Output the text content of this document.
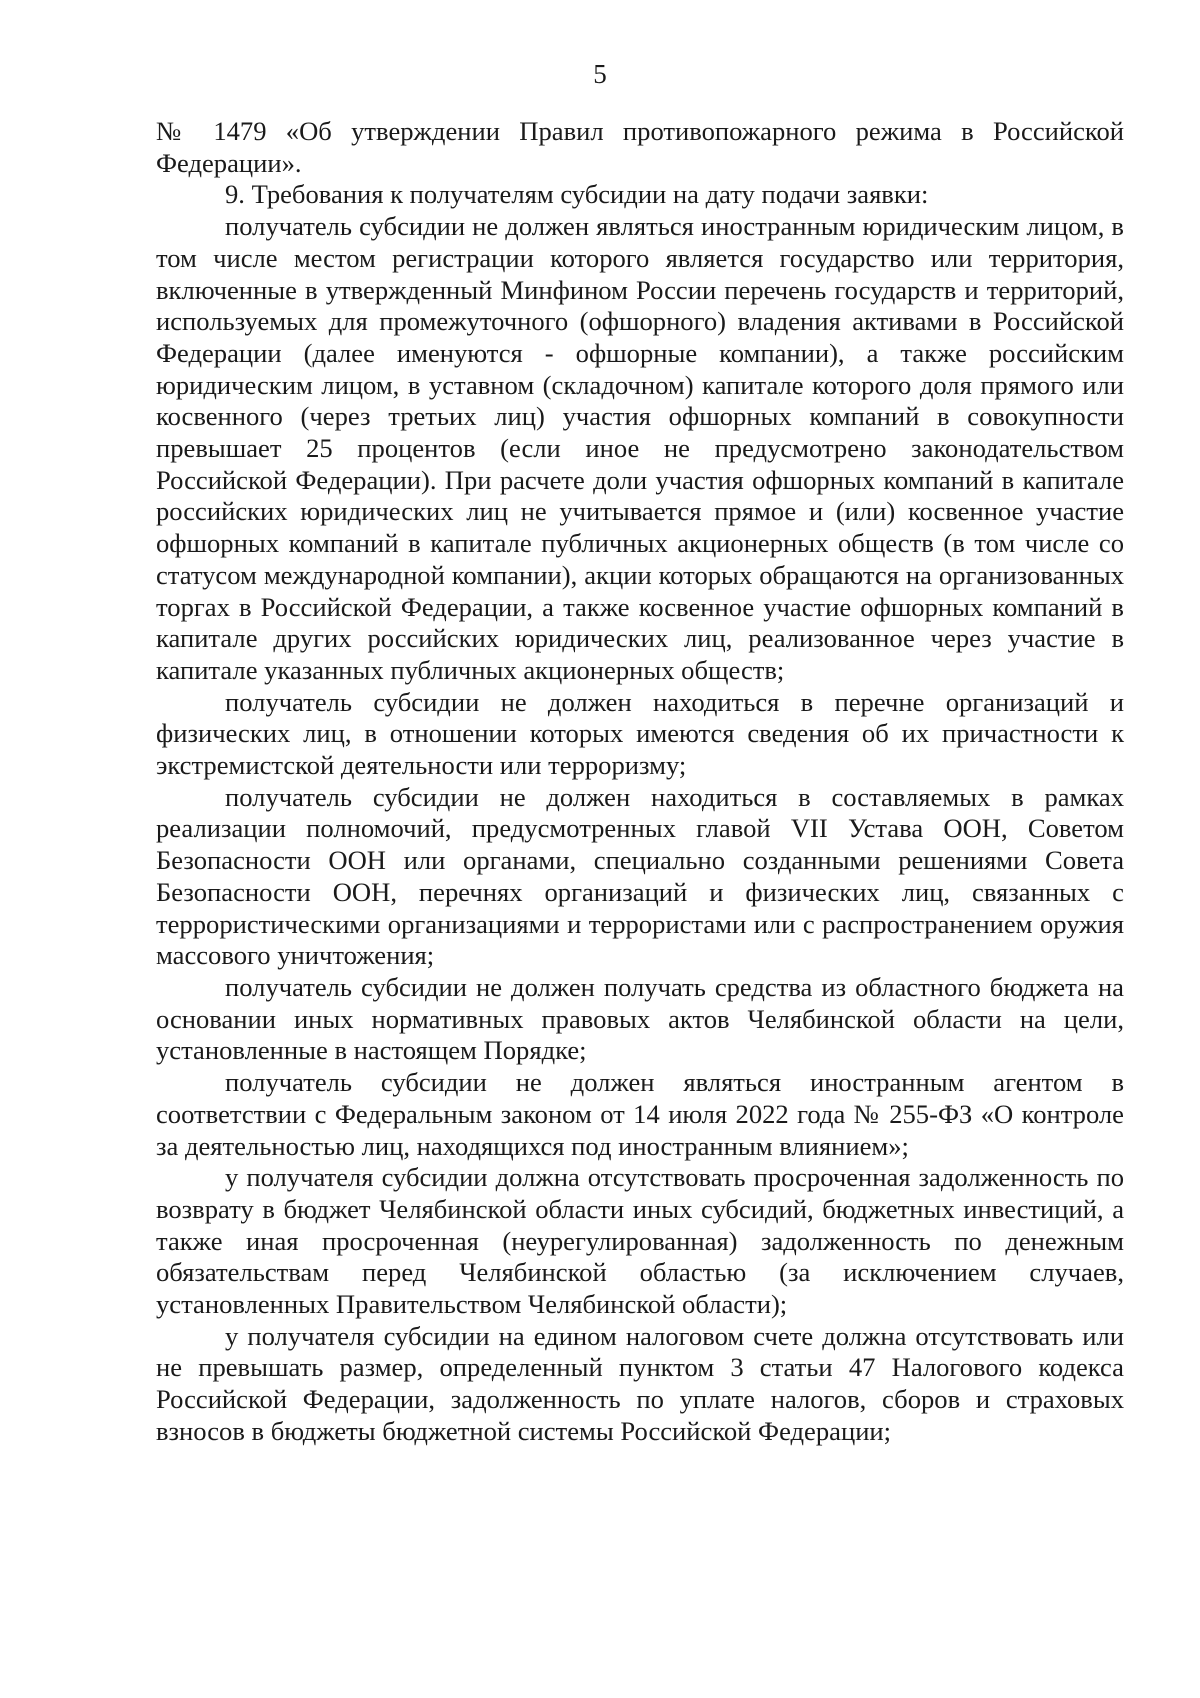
5

№ 1479 «Об утверждении Правил противопожарного режима в Российской Федерации».

9. Требования к получателям субсидии на дату подачи заявки:

получатель субсидии не должен являться иностранным юридическим лицом, в том числе местом регистрации которого является государство или территория, включенные в утвержденный Минфином России перечень государств и территорий, используемых для промежуточного (офшорного) владения активами в Российской Федерации (далее именуются - офшорные компании), а также российским юридическим лицом, в уставном (складочном) капитале которого доля прямого или косвенного (через третьих лиц) участия офшорных компаний в совокупности превышает 25 процентов (если иное не предусмотрено законодательством Российской Федерации). При расчете доли участия офшорных компаний в капитале российских юридических лиц не учитывается прямое и (или) косвенное участие офшорных компаний в капитале публичных акционерных обществ (в том числе со статусом международной компании), акции которых обращаются на организованных торгах в Российской Федерации, а также косвенное участие офшорных компаний в капитале других российских юридических лиц, реализованное через участие в капитале указанных публичных акционерных обществ;

получатель субсидии не должен находиться в перечне организаций и физических лиц, в отношении которых имеются сведения об их причастности к экстремистской деятельности или терроризму;

получатель субсидии не должен находиться в составляемых в рамках реализации полномочий, предусмотренных главой VII Устава ООН, Советом Безопасности ООН или органами, специально созданными решениями Совета Безопасности ООН, перечнях организаций и физических лиц, связанных с террористическими организациями и террористами или с распространением оружия массового уничтожения;

получатель субсидии не должен получать средства из областного бюджета на основании иных нормативных правовых актов Челябинской области на цели, установленные в настоящем Порядке;

получатель субсидии не должен являться иностранным агентом в соответствии с Федеральным законом от 14 июля 2022 года № 255-ФЗ «О контроле за деятельностью лиц, находящихся под иностранным влиянием»;

у получателя субсидии должна отсутствовать просроченная задолженность по возврату в бюджет Челябинской области иных субсидий, бюджетных инвестиций, а также иная просроченная (неурегулированная) задолженность по денежным обязательствам перед Челябинской областью (за исключением случаев, установленных Правительством Челябинской области);

у получателя субсидии на едином налоговом счете должна отсутствовать или не превышать размер, определенный пунктом 3 статьи 47 Налогового кодекса Российской Федерации, задолженность по уплате налогов, сборов и страховых взносов в бюджеты бюджетной системы Российской Федерации;
